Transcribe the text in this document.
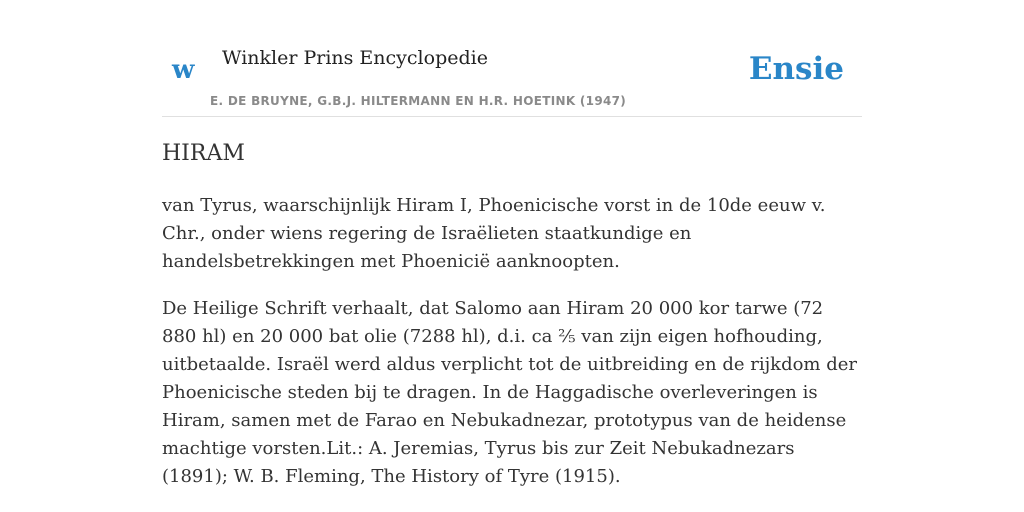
w Winkler Prins Encyclopedie
E. DE BRUYNE, G.B.J. HILTERMANN EN H.R. HOETINK (1947)
Ensie
HIRAM

van Tyrus, waarschijnlijk Hiram I, Phoenicische vorst in de 10de eeuw v. Chr., onder wiens regering de Israëlieten staatkundige en handelsbetrekkingen met Phoenicië aanknoopten.

De Heilige Schrift verhaalt, dat Salomo aan Hiram 20 000 kor tarwe (72 880 hl) en 20 000 bat olie (7288 hl), d.i. ca ⅖ van zijn eigen hofhouding, uitbetaalde. Israël werd aldus verplicht tot de uitbreiding en de rijkdom der Phoenicische steden bij te dragen. In de Haggadische overleveringen is Hiram, samen met de Farao en Nebukadnezar, prototypus van de heidense machtige vorsten.Lit.: A. Jeremias, Tyrus bis zur Zeit Nebukadnezars (1891); W. B. Fleming, The History of Tyre (1915).
